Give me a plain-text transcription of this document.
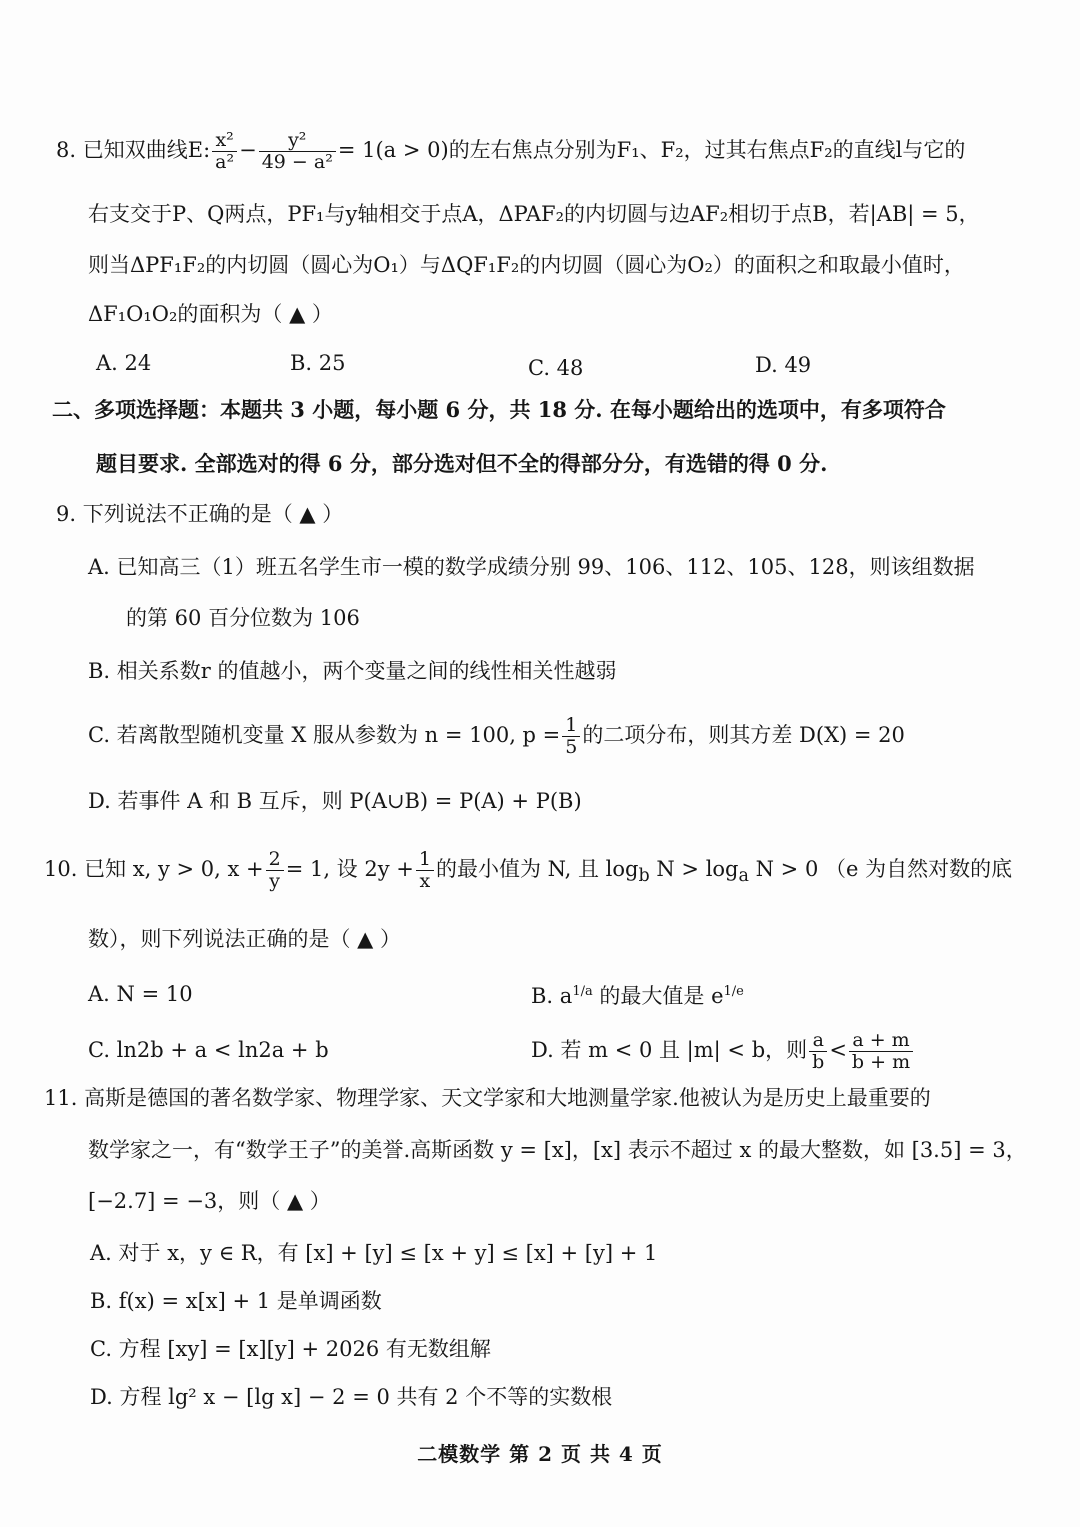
8. 已知双曲线E: $\frac{\text{x²}}{\text{a²}} - \frac{\text{y²}}{\text{49 − a²}} = 1(a > 0)$的左右焦点分别为F₁、F₂，过其右焦点F₂的直线l与它的
右支交于P、Q两点，PF₁与y轴相交于点A，ΔPAF₂的内切圆与边AF₂相切于点B，若|AB| = 5，
则当ΔPF₁F₂的内切圆（圆心为O₁）与ΔQF₁F₂的内切圆（圆心为O₂）的面积之和取最小值时，
ΔF₁O₁O₂的面积为（ ▲ ）
A. 24	B. 25	C. 48	D. 49
二、多项选择题：本题共 3 小题，每小题 6 分，共 18 分. 在每小题给出的选项中，有多项符合
题目要求. 全部选对的得 6 分，部分选对但不全的得部分分，有选错的得 0 分.
9. 下列说法不正确的是（ ▲ ）
A. 已知高三（1）班五名学生市一模的数学成绩分别 99、106、112、105、128，则该组数据
的第 60 百分位数为 106
B. 相关系数r 的值越小，两个变量之间的线性相关性越弱
C. 若离散型随机变量 X 服从参数为 n = 100, $p = \frac{1}{5}$ 的二项分布，则其方差 D(X) = 20
D. 若事件 A 和 B 互斥，则 P(A∪B) = P(A) + P(B)
10. 已知 x, y > 0, $x + \frac{2}{y} = 1$, 设 $2y + \frac{1}{x}$ 的最小值为 N, 且 $\log_b N > \log_a N > 0$ （e 为自然对数的底
数），则下列说法正确的是（ ▲ ）
A. N = 10	B. $a^{1/a}$ 的最大值是 $e^{1/e}$
C. ln2b + a < ln2a + b	D. 若 m < 0 且 |m| < b，则 $\frac{a}{b} < \frac{a + m}{b + m}$
11. 高斯是德国的著名数学家、物理学家、天文学家和大地测量学家.他被认为是历史上最重要的
数学家之一，有“数学王子”的美誉.高斯函数 y = [x]，[x] 表示不超过 x 的最大整数，如 [3.5] = 3，
[−2.7] = −3，则（ ▲ ）
A. 对于 x，y ∈ R，有 [x] + [y] ≤ [x + y] ≤ [x] + [y] + 1
B. f(x) = x[x] + 1 是单调函数
C. 方程 [xy] = [x][y] + 2026 有无数组解
D. 方程 lg² x − [lg x] − 2 = 0 共有 2 个不等的实数根
二模数学 第 2 页 共 4 页
